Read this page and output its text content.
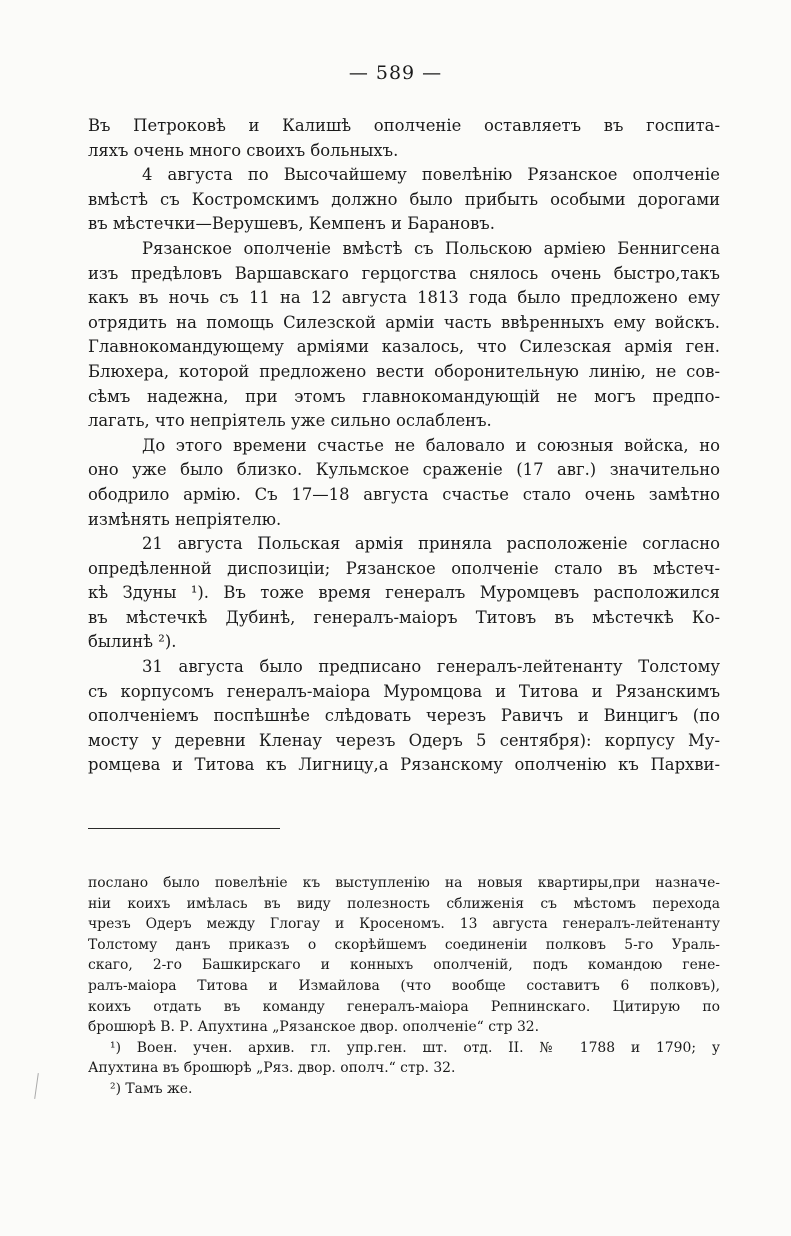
— 589 —
Въ Петроковѣ и Калишѣ ополченіе оставляетъ въ госпита-
ляхъ очень много своихъ больныхъ.
4 августа по Высочайшему повелѣнію Рязанское ополченіе
вмѣстѣ съ Костромскимъ должно было прибыть особыми дорогами
въ мѣстечки—Верушевъ, Кемпенъ и Барановъ.
Рязанское ополченіе вмѣстѣ съ Польскою арміею Беннигсена
изъ предѣловъ Варшавскаго герцогства снялось очень быстро,такъ
какъ въ ночь съ 11 на 12 августа 1813 года было предложено ему
отрядить на помощь Силезской арміи часть ввѣренныхъ ему войскъ.
Главнокомандующему арміями казалось, что Силезская армія ген.
Блюхера, которой предложено вести оборонительную линію, не сов-
сѣмъ надежна, при этомъ главнокомандующій не могъ предпо-
лагать, что непріятель уже сильно ослабленъ.
До этого времени счастье не баловало и союзныя войска, но
оно уже было близко. Кульмское сраженіе (17 авг.) значительно
ободрило армію. Съ 17—18 августа счастье стало очень замѣтно
измѣнять непріятелю.
21 августа Польская армія приняла расположеніе согласно
опредѣленной диспозиціи; Рязанское ополченіе стало въ мѣстеч-
кѣ Здуны ¹). Въ тоже время генералъ Муромцевъ расположился
въ мѣстечкѣ Дубинѣ, генералъ-маіоръ Титовъ въ мѣстечкѣ Ко-
былинѣ ²).
31 августа было предписано генералъ-лейтенанту Толстому
съ корпусомъ генералъ-маіора Муромцова и Титова и Рязанскимъ
ополченіемъ поспѣшнѣе слѣдовать черезъ Равичъ и Винцигъ (по
мосту у деревни Кленау черезъ Одеръ 5 сентября): корпусу Му-
ромцева и Титова къ Лигницу,а Рязанскому ополченію къ Пархви-
послано было повелѣніе къ выступленію на новыя квартиры,при назначе-
ніи коихъ имѣлась въ виду полезность сближенія съ мѣстомъ перехода
чрезъ Одеръ между Глогау и Кросеномъ. 13 августа генералъ-лейтенанту
Толстому данъ приказъ о скорѣйшемъ соединеніи полковъ 5-го Ураль-
скаго, 2-го Башкирскаго и конныхъ ополченій, подъ командою гене-
ралъ-маіора Титова и Измайлова (что вообще составитъ 6 полковъ),
коихъ отдать въ команду генералъ-маіора Репнинскаго. Цитирую по
брошюрѣ В. Р. Апухтина „Рязанское двор. ополченіе“ стр 32.
¹) Воен. учен. архив. гл. упр.ген. шт. отд. II. № 1788 и 1790; у
Апухтина въ брошюрѣ „Ряз. двор. ополч.“ стр. 32.
²) Тамъ же.
